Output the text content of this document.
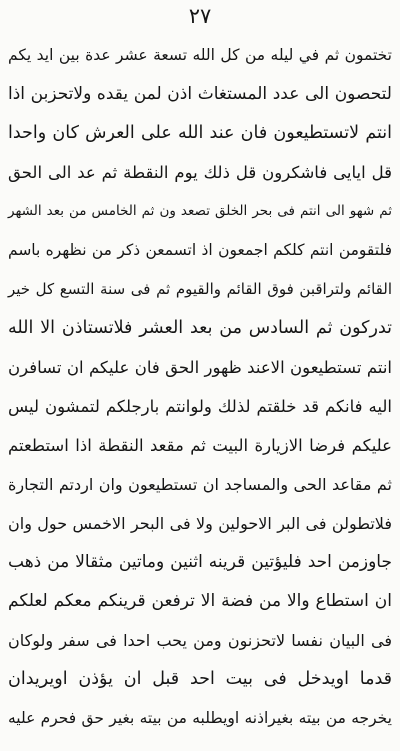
٢٧
تختمون ثم في ليله من كل الله تسعة عشر عدة بين ايد يكم
لتحصون الى عدد المستغاث اذن لمن يقده ولاتحزبن اذا
انتم لاتستطيعون فان عند الله على العرش كان واحدا
قل ايايى فاشكرون قل ذلك يوم النقطة ثم عد الى الحق
ثم شهو الى انتم فى بحر الخلق تصعد ون ثم الخامس من بعد الشهر
فلتقومن انتم كلكم اجمعون اذ اتسمعن ذكر من نظهره باسم
القائم ولتراقبن فوق القائم والقيوم ثم فى سنة التسع كل خير
تدركون ثم السادس من بعد العشر فلاتستاذن الا الله
انتم تستطيعون الاعند ظهور الحق فان عليكم ان تسافرن
اليه فانكم قد خلقتم لذلك ولوانتم بارجلكم لتمشون ليس
عليكم فرضا الازيارة البيت ثم مقعد النقطة اذا استطعتم
ثم مقاعد الحى والمساجد ان تستطيعون وان اردتم التجارة
فلاتطولن فى البر الاحولين ولا فى البحر الاخمس حول وان
جاوزمن احد فليؤتين قرينه اثنين وماتين مثقالا من ذهب
ان استطاع والا من فضة الا ترفعن قرينكم معكم لعلكم
فى البيان نفسا لاتحزنون ومن يحب احدا فى سفر ولوكان
قدما اويدخل فى بيت احد قبل ان يؤذن اويريدان
يخرجه من بيته بغيراذنه اويطلبه من بيته بغير حق فحرم عليه
